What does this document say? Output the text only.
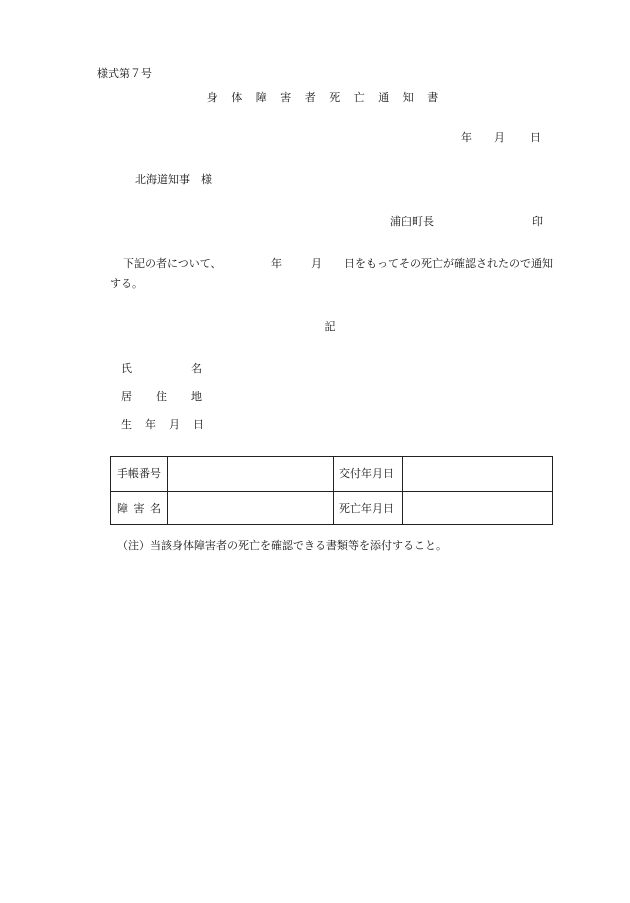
様式第７号
身 体 障 害 者 死 亡 通 知 書
年 月 日
北海道知事　様
浦臼町長	印
下記の者について、	年	月 日をもってその死亡が確認されたので通知
する。
記
氏	名
居 住 地
生 年 月 日
手帳番号	交付年月日
障 害 名	死亡年月日
（注）当該身体障害者の死亡を確認できる書類等を添付すること。
